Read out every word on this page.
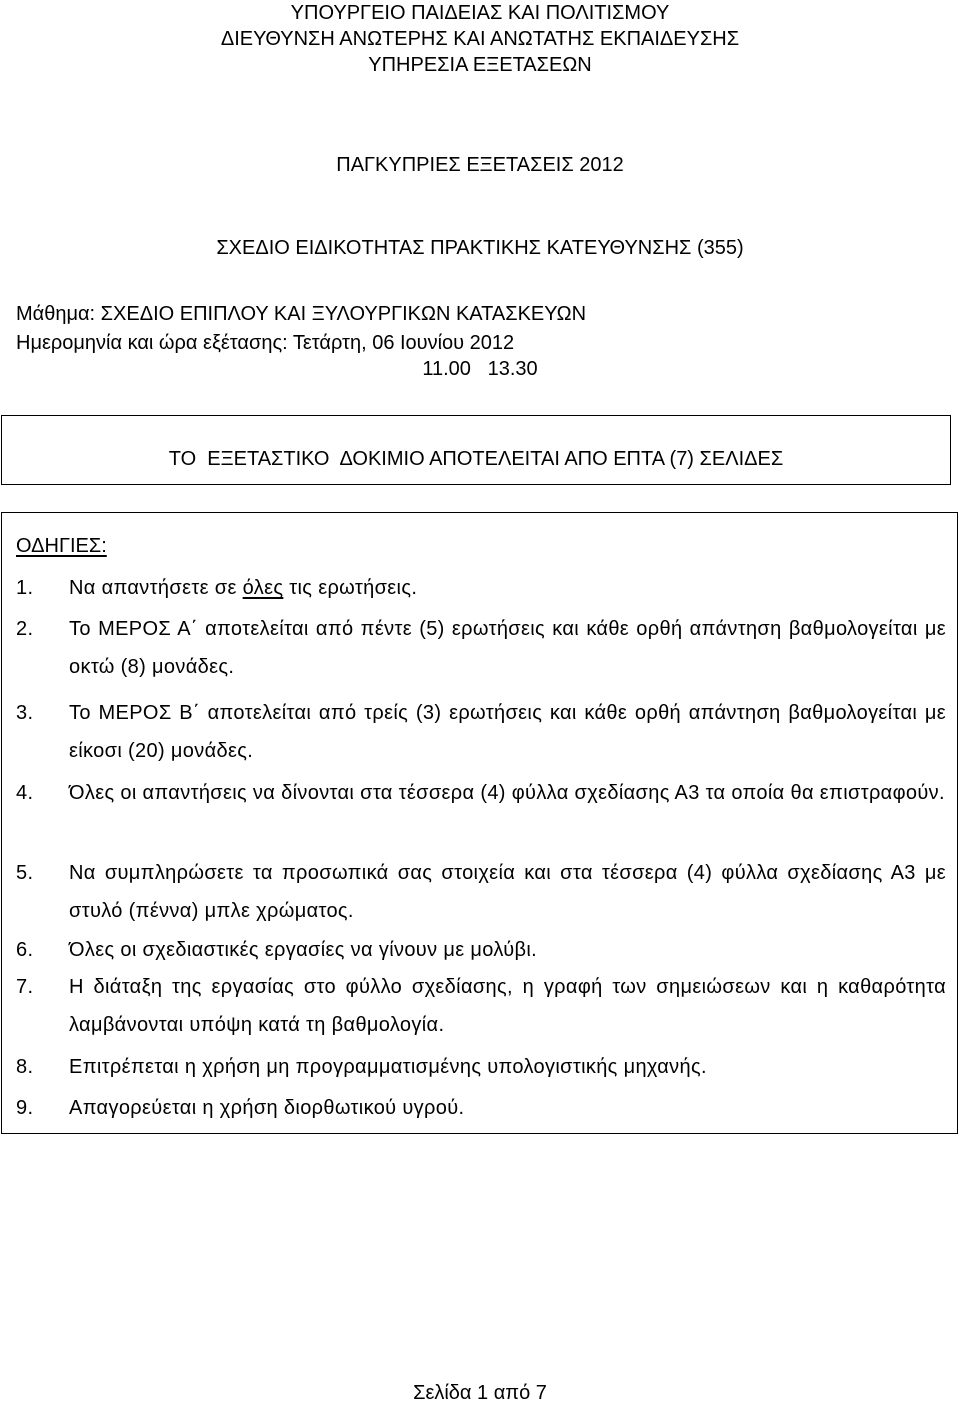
ΥΠΟΥΡΓΕΙΟ ΠΑΙΔΕΙΑΣ ΚΑΙ ΠΟΛΙΤΙΣΜΟΥ
ΔΙΕΥΘΥΝΣΗ ΑΝΩΤΕΡΗΣ ΚΑΙ ΑΝΩΤΑΤΗΣ ΕΚΠΑΙΔΕΥΣΗΣ
ΥΠΗΡΕΣΙΑ ΕΞΕΤΑΣΕΩΝ
ΠΑΓΚΥΠΡΙΕΣ ΕΞΕΤΑΣΕΙΣ 2012
ΣΧΕΔΙΟ ΕΙΔΙΚΟΤΗΤΑΣ ΠΡΑΚΤΙΚΗΣ ΚΑΤΕΥΘΥΝΣΗΣ (355)
Μάθημα: ΣΧΕΔΙΟ ΕΠΙΠΛΟΥ ΚΑΙ ΞΥΛΟΥΡΓΙΚΩΝ ΚΑΤΑΣΚΕΥΩΝ
Ημερομηνία και ώρα εξέτασης: Τετάρτη, 06 Ιουνίου 2012
11.00   13.30
ΤΟ  ΕΞΕΤΑΣΤΙΚΟ  ΔΟΚΙΜΙΟ ΑΠΟΤΕΛΕΙΤΑΙ ΑΠΟ ΕΠΤΑ (7) ΣΕΛΙΔΕΣ
ΟΔΗΓΙΕΣ:
1.	Να απαντήσετε σε όλες τις ερωτήσεις.
2.	Το ΜΕΡΟΣ Α΄ αποτελείται από πέντε (5) ερωτήσεις και κάθε ορθή απάντηση βαθμολογείται με οκτώ (8) μονάδες.
3.	Το ΜΕΡΟΣ Β΄ αποτελείται από τρείς (3) ερωτήσεις και κάθε ορθή απάντηση βαθμολογείται με είκοσι (20) μονάδες.
4.	Όλες οι απαντήσεις να δίνονται στα τέσσερα (4) φύλλα σχεδίασης Α3 τα οποία θα επιστραφούν.
5.	Να συμπληρώσετε τα προσωπικά σας στοιχεία και στα τέσσερα (4) φύλλα σχεδίασης Α3 με στυλό (πέννα) μπλε χρώματος.
6.	Όλες οι σχεδιαστικές εργασίες να γίνουν με μολύβι.
7.	Η διάταξη της εργασίας στο φύλλο σχεδίασης, η γραφή των σημειώσεων και η καθαρότητα λαμβάνονται υπόψη κατά τη βαθμολογία.
8.	Επιτρέπεται η χρήση μη προγραμματισμένης υπολογιστικής μηχανής.
9.	Απαγορεύεται η χρήση διορθωτικού υγρού.
Σελίδα 1 από 7
